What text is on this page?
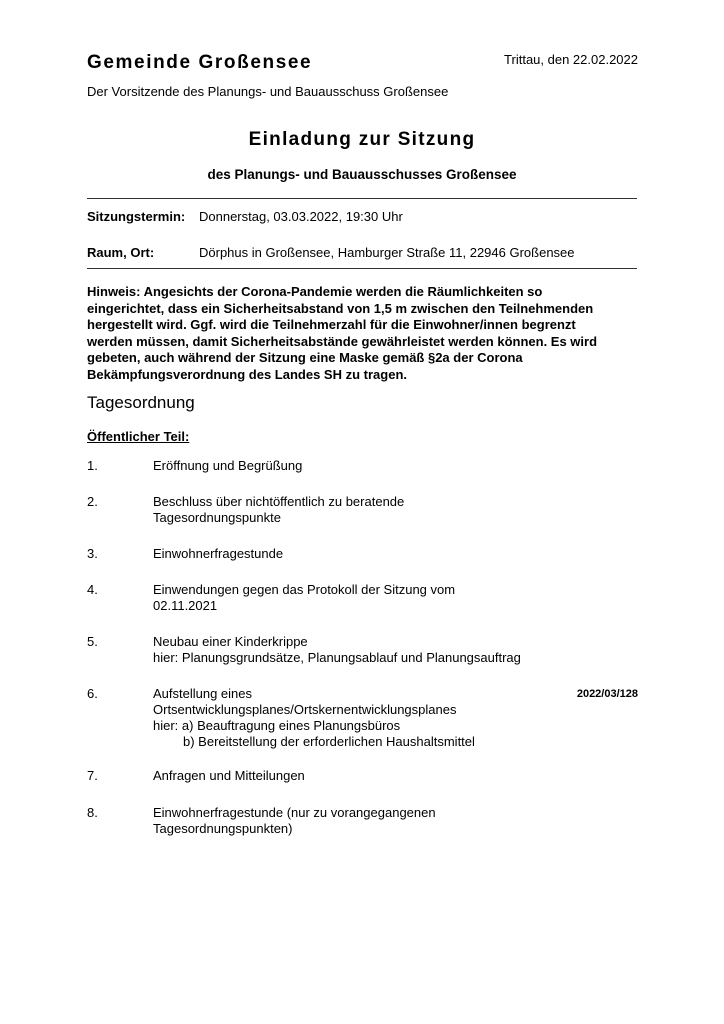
Gemeinde Großensee	Trittau, den 22.02.2022
Der Vorsitzende des Planungs- und Bauausschuss Großensee
Einladung zur Sitzung
des Planungs- und Bauausschusses Großensee
Sitzungstermin: Donnerstag, 03.03.2022, 19:30 Uhr
Raum, Ort:	Dörphus in Großensee, Hamburger Straße 11, 22946 Großensee
Hinweis: Angesichts der Corona-Pandemie werden die Räumlichkeiten so
eingerichtet, dass ein Sicherheitsabstand von 1,5 m zwischen den Teilnehmenden
hergestellt wird. Ggf. wird die Teilnehmerzahl für die Einwohner/innen begrenzt
werden müssen, damit Sicherheitsabstände gewährleistet werden können. Es wird
gebeten, auch während der Sitzung eine Maske gemäß §2a der Corona
Bekämpfungsverordnung des Landes SH zu tragen.
Tagesordnung
Öffentlicher Teil:
1.	Eröffnung und Begrüßung
2.	Beschluss über nichtöffentlich zu beratende
Tagesordnungspunkte
3.	Einwohnerfragestunde
4.	Einwendungen gegen das Protokoll der Sitzung vom
02.11.2021
5.	Neubau einer Kinderkrippe
hier: Planungsgrundsätze, Planungsablauf und Planungsauftrag
6.	Aufstellung eines
Ortsentwicklungsplanes/Ortskernentwicklungsplanes
hier: a) Beauftragung eines Planungsbüros
b) Bereitstellung der erforderlichen Haushaltsmittel
2022/03/128
7.	Anfragen und Mitteilungen
8.	Einwohnerfragestunde (nur zu vorangegangenen
Tagesordnungspunkten)
